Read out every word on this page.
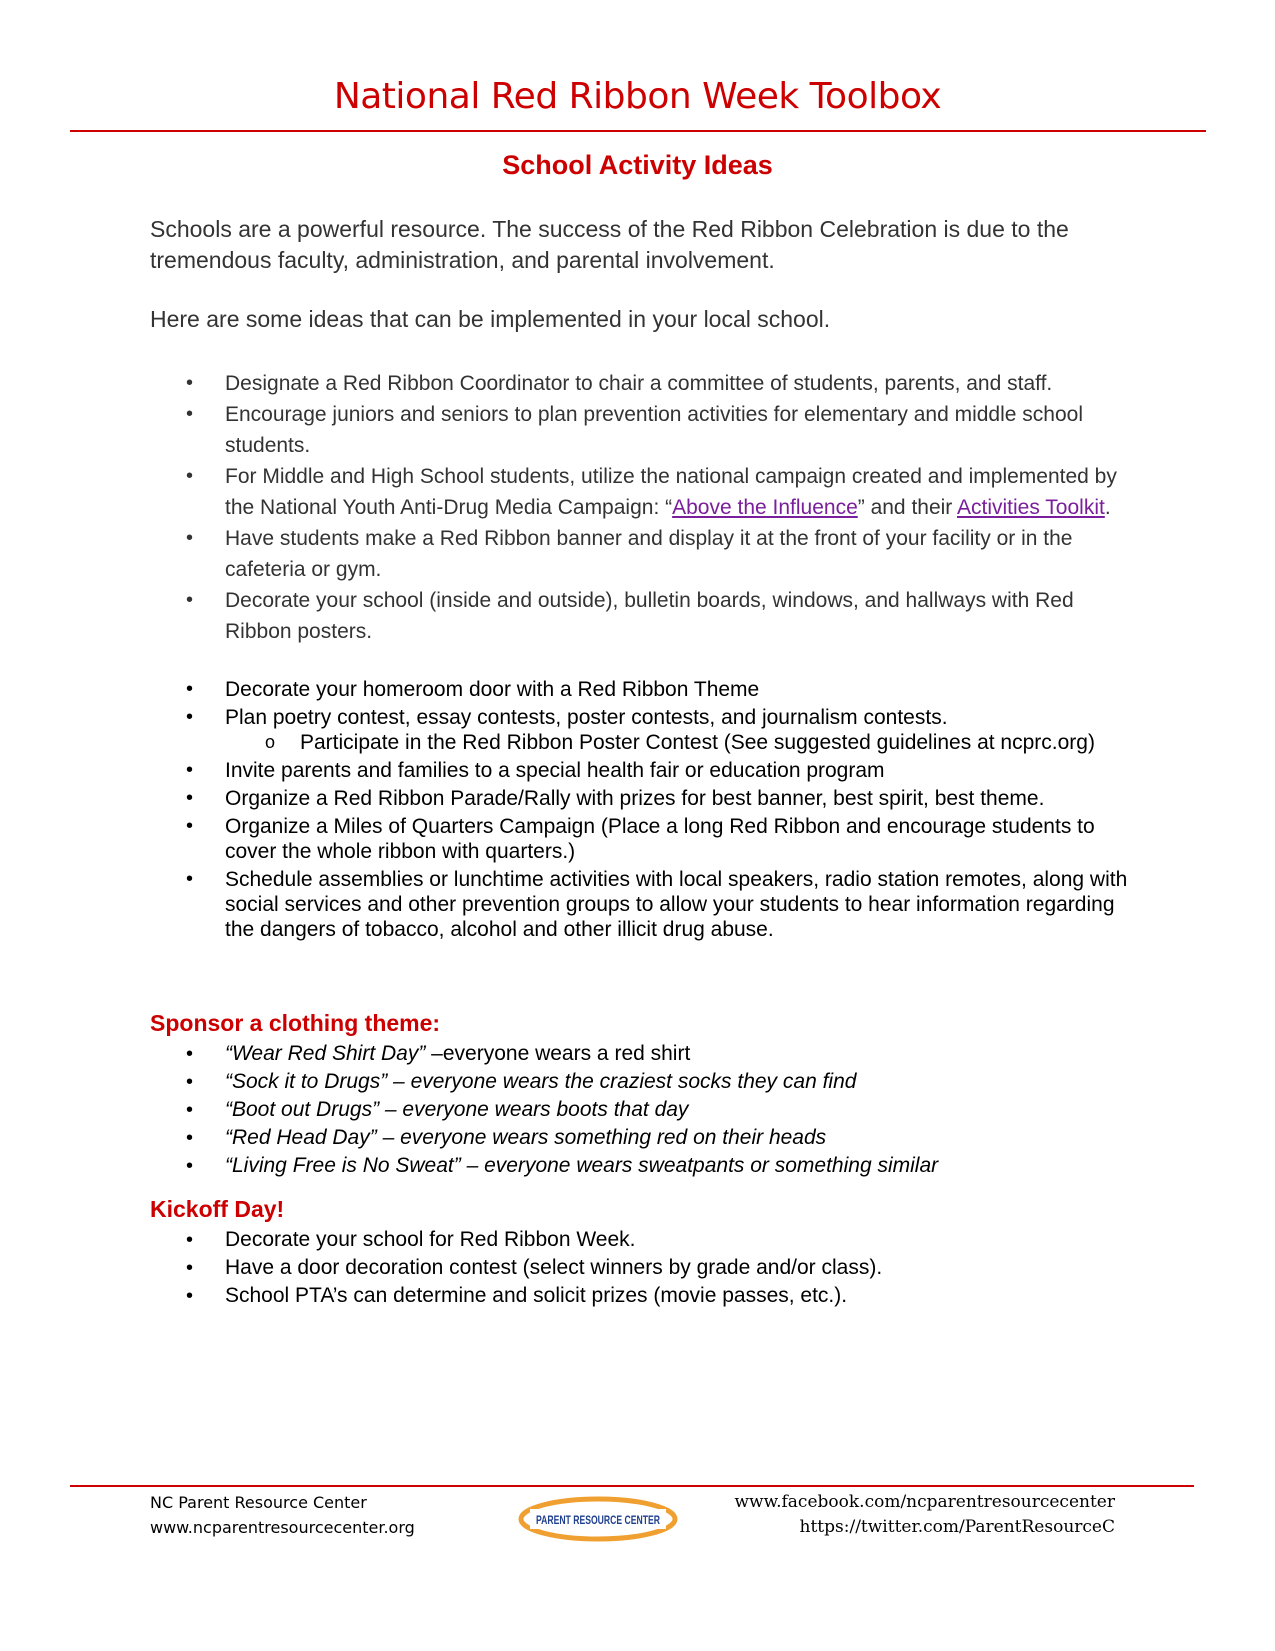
National Red Ribbon Week Toolbox
School Activity Ideas

Schools are a powerful resource. The success of the Red Ribbon Celebration is due to the tremendous faculty, administration, and parental involvement.

Here are some ideas that can be implemented in your local school.

• Designate a Red Ribbon Coordinator to chair a committee of students, parents, and staff.
• Encourage juniors and seniors to plan prevention activities for elementary and middle school students.
• For Middle and High School students, utilize the national campaign created and implemented by the National Youth Anti-Drug Media Campaign: “Above the Influence” and their Activities Toolkit.
• Have students make a Red Ribbon banner and display it at the front of your facility or in the cafeteria or gym.
• Decorate your school (inside and outside), bulletin boards, windows, and hallways with Red Ribbon posters.
• Decorate your homeroom door with a Red Ribbon Theme
• Plan poetry contest, essay contests, poster contests, and journalism contests.
o Participate in the Red Ribbon Poster Contest (See suggested guidelines at ncprc.org)
• Invite parents and families to a special health fair or education program
• Organize a Red Ribbon Parade/Rally with prizes for best banner, best spirit, best theme.
• Organize a Miles of Quarters Campaign (Place a long Red Ribbon and encourage students to cover the whole ribbon with quarters.)
• Schedule assemblies or lunchtime activities with local speakers, radio station remotes, along with social services and other prevention groups to allow your students to hear information regarding the dangers of tobacco, alcohol and other illicit drug abuse.
Sponsor a clothing theme:
• “Wear Red Shirt Day” –everyone wears a red shirt
• “Sock it to Drugs” – everyone wears the craziest socks they can find
• “Boot out Drugs” – everyone wears boots that day
• “Red Head Day” – everyone wears something red on their heads
• “Living Free is No Sweat” – everyone wears sweatpants or something similar
Kickoff Day!
• Decorate your school for Red Ribbon Week.
• Have a door decoration contest (select winners by grade and/or class).
• School PTA’s can determine and solicit prizes (movie passes, etc.).
NC Parent Resource Center
www.ncparentresourcecenter.org	PARENT RESOURCE CENTER
www.facebook.com/ncparentresourcecenter
https://twitter.com/ParentResourceC
